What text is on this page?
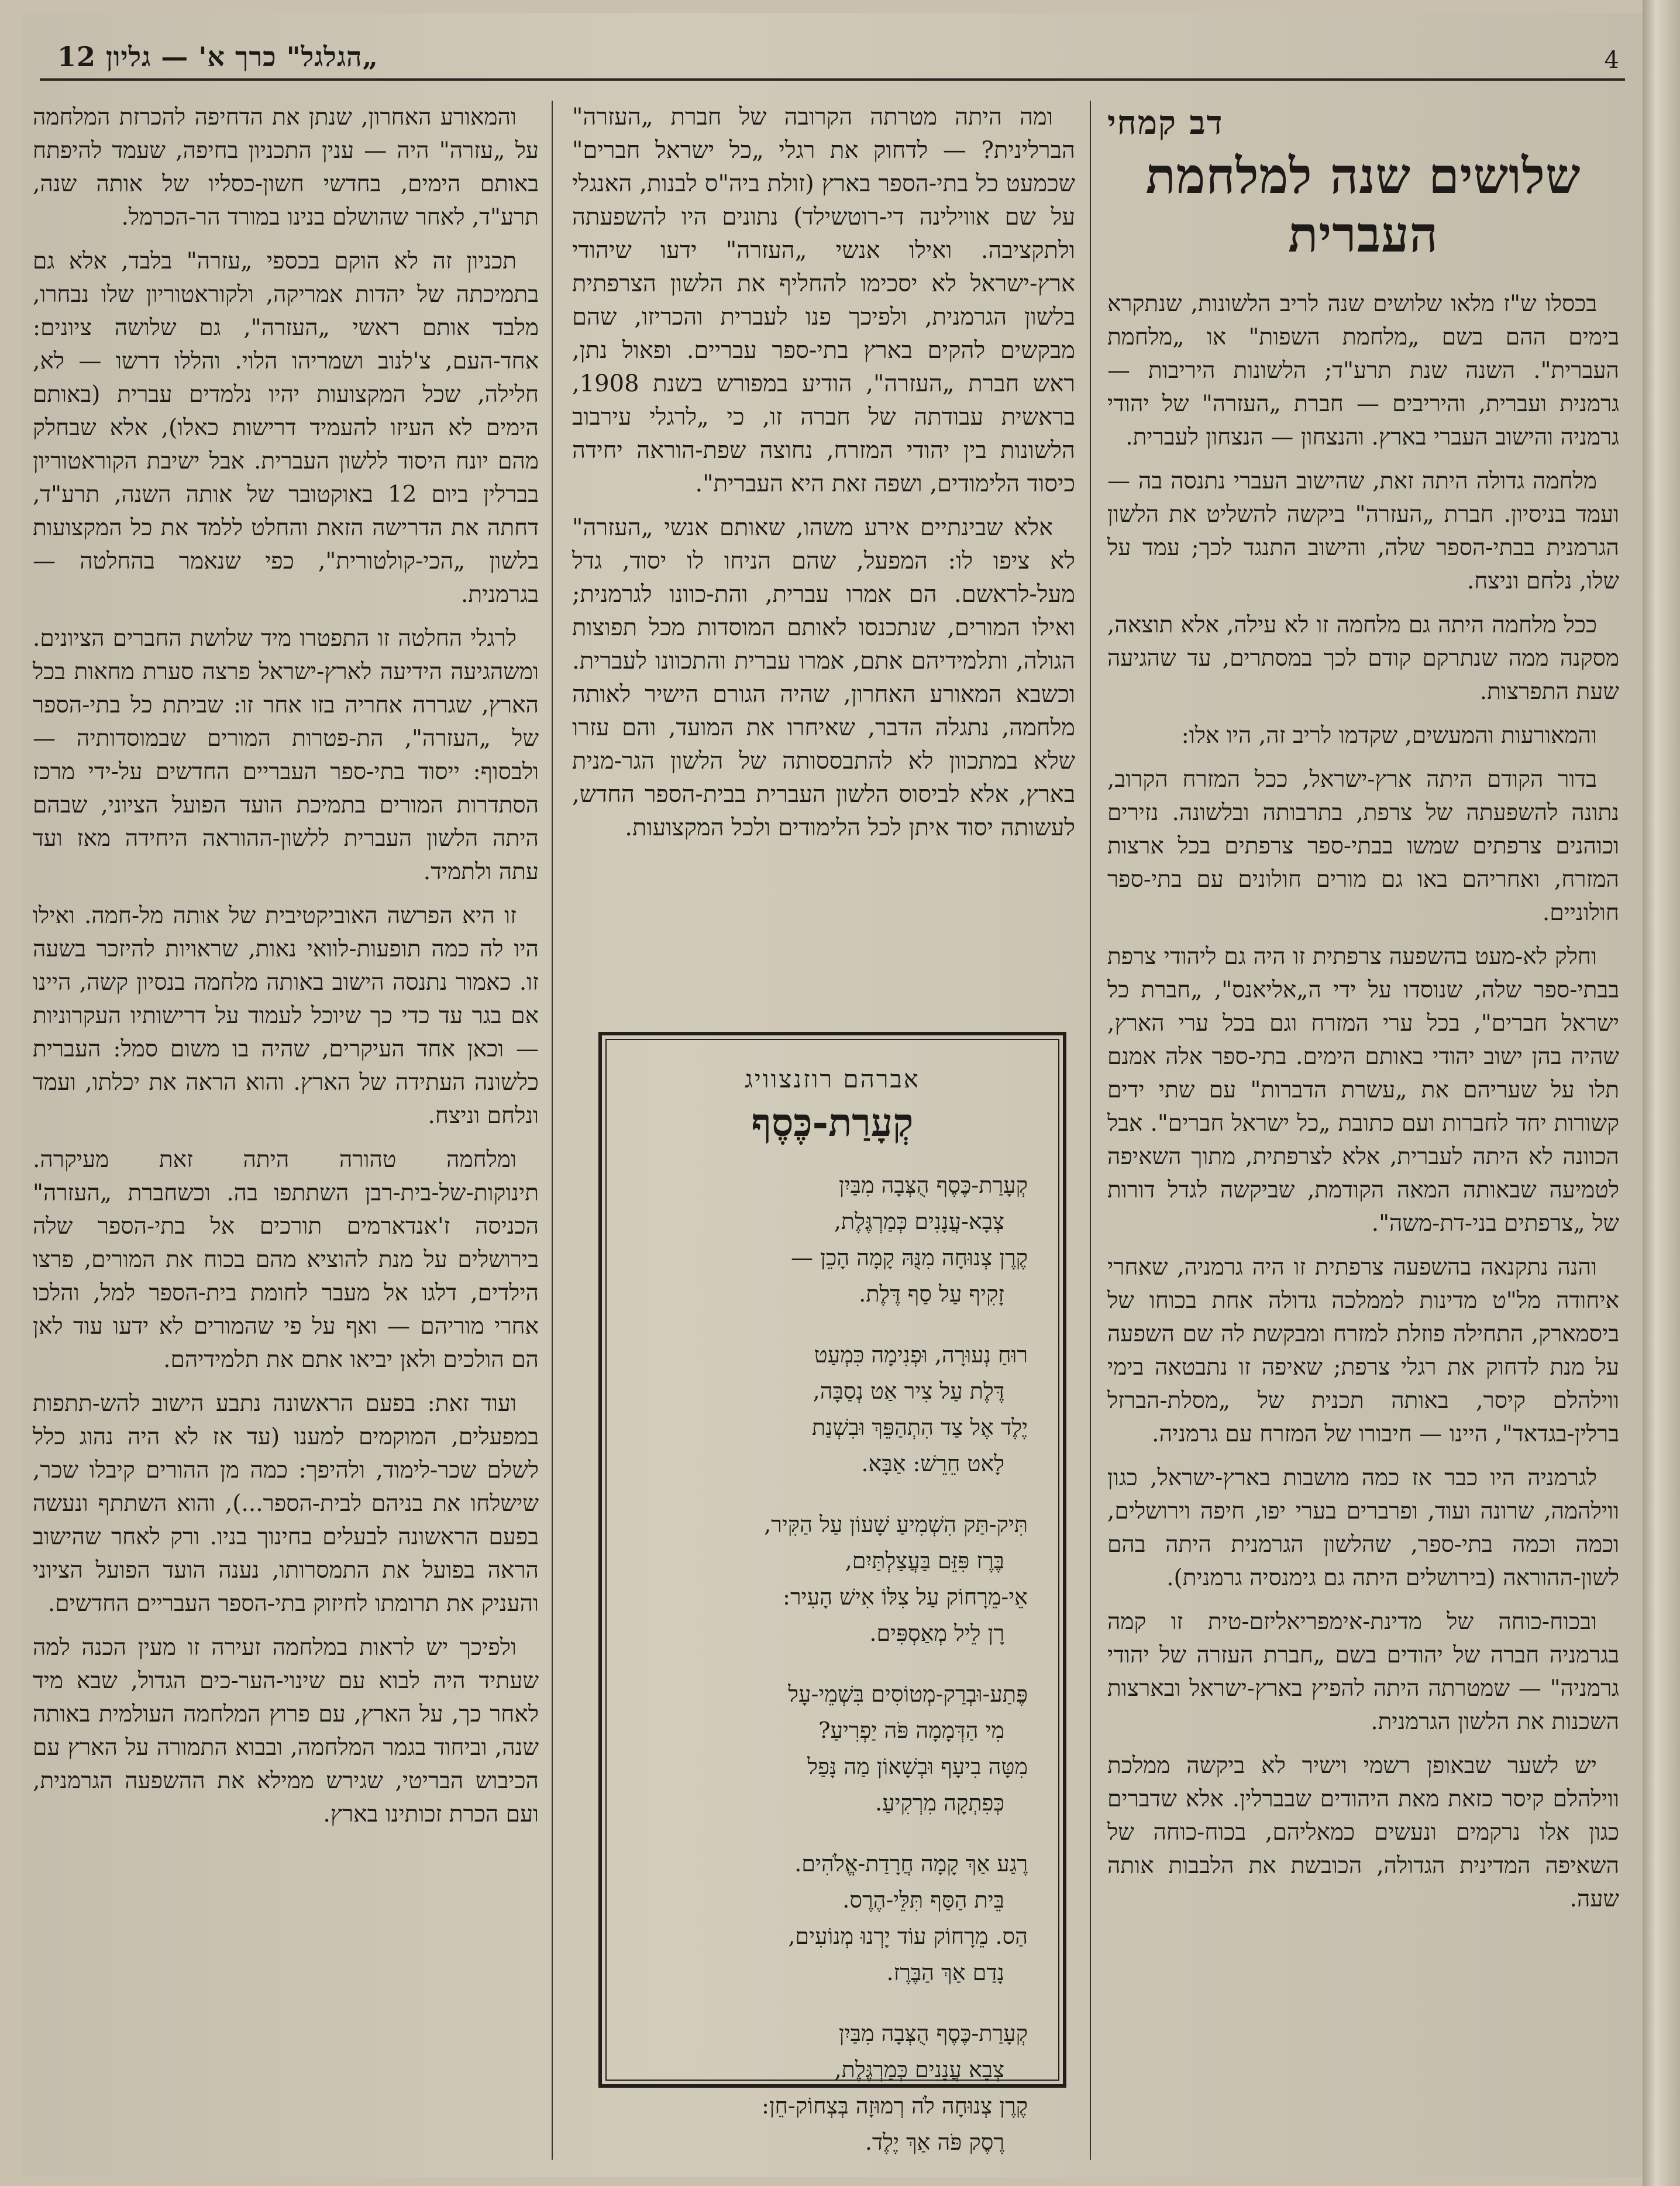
4
„הגלגל" כרך א' — גליון 12
דב קמחי
שלושים שנה למלחמת העברית

בכסלו ש"ז מלאו שלושים שנה לריב הלשונות, שנתקרא בימים ההם בשם „מלחמת השפות" או „מלחמת העברית". השנה שנת תרע"ד; הלשונות היריבות — גרמנית ועברית, והיריבים — חברת „העזרה" של יהודי גרמניה והישוב העברי בארץ. והנצחון — הנצחון לעברית.

מלחמה גדולה היתה זאת, שהישוב העברי נתנסה בה — ועמד בניסיון. חברת „העזרה" ביקשה להשליט את הלשון הגרמנית בבתי-הספר שלה, והישוב התנגד לכך; עמד על שלו, נלחם וניצח.

ככל מלחמה היתה גם מלחמה זו לא עילה, אלא תוצאה, מסקנה ממה שנתרקם קודם לכך במסתרים, עד שהגיעה שעת התפרצות.

והמאורעות והמעשים, שקדמו לריב זה, היו אלו:

בדור הקודם היתה ארץ-ישראל, ככל המזרח הקרוב, נתונה להשפעתה של צרפת, בתרבותה ובלשונה. נזירים וכוהנים צרפתים שמשו בבתי-ספר צרפתים בכל ארצות המזרח, ואחריהם באו גם מורים חולונים עם בתי-ספר חולוניים.

וחלק לא-מעט בהשפעה צרפתית זו היה גם ליהודי צרפת בבתי-ספר שלה, שנוסדו על ידי ה„אליאנס", „חברת כל ישראל חברים", בכל ערי המזרח וגם בכל ערי הארץ, שהיה בהן ישוב יהודי באותם הימים. בתי-ספר אלה אמנם תלו על שעריהם את „עשרת הדברות" עם שתי ידים קשורות יחד לחברות ועם כתובת „כל ישראל חברים". אבל הכוונה לא היתה לעברית, אלא לצרפתית, מתוך השאיפה לטמיעה שבאותה המאה הקודמת, שביקשה לגדל דורות של „צרפתים בני-דת-משה".

והנה נתקנאה בהשפעה צרפתית זו היה גרמניה, שאחרי איחודה מל"ט מדינות לממלכה גדולה אחת בכוחו של ביסמארק, התחילה פוזלת למזרח ומבקשת לה שם השפעה על מנת לדחוק את רגלי צרפת; שאיפה זו נתבטאה בימי ווילהלם קיסר, באותה תכנית של „מסלת-הברזל ברלין-בגדאד", היינו — חיבורו של המזרח עם גרמניה.

לגרמניה היו כבר אז כמה מושבות בארץ-ישראל, כגון ווילהמה, שרונה ועוד, ופרברים בערי יפו, חיפה וירושלים, וכמה וכמה בתי-ספר, שהלשון הגרמנית היתה בהם לשון-ההוראה (בירושלים היתה גם גימנסיה גרמנית).

ובכוח-כוחה של מדינת-אימפריאליזם-טית זו קמה בגרמניה חברה של יהודים בשם „חברת העזרה של יהודי גרמניה" — שמטרתה היתה להפיץ בארץ-ישראל ובארצות השכנות את הלשון הגרמנית.

יש לשער שבאופן רשמי וישיר לא ביקשה ממלכת ווילהלם קיסר כזאת מאת היהודים שבברלין. אלא שדברים כגון אלו נרקמים ונעשים כמאליהם, בכוח-כוחה של השאיפה המדינית הגדולה, הכובשת את הלבבות אותה שעה.

ומה היתה מטרתה הקרובה של חברת „העזרה" הברלינית? — לדחוק את רגלי „כל ישראל חברים" שכמעט כל בתי-הספר בארץ (זולת ביה"ס לבנות, האנגלי על שם אווילינה די-רוטשילד) נתונים היו להשפעתה ולתקציבה. ואילו אנשי „העזרה" ידעו שיהודי ארץ-ישראל לא יסכימו להחליף את הלשון הצרפתית בלשון הגרמנית, ולפיכך פנו לעברית והכריזו, שהם מבקשים להקים בארץ בתי-ספר עבריים. ופאול נתן, ראש חברת „העזרה", הודיע במפורש בשנת 1908, בראשית עבודתה של חברה זו, כי „לרגלי עירבוב הלשונות בין יהודי המזרח, נחוצה שפת-הוראה יחידה כיסוד הלימודים, ושפה זאת היא העברית".

אלא שבינתיים אירע משהו, שאותם אנשי „העזרה" לא ציפו לו: המפעל, שהם הניחו לו יסוד, גדל מעל-לראשם. הם אמרו עברית, והת-כוונו לגרמנית; ואילו המורים, שנתכנסו לאותם המוסדות מכל תפוצות הגולה, ותלמידיהם אתם, אמרו עברית והתכוונו לעברית. וכשבא המאורע האחרון, שהיה הגורם הישיר לאותה מלחמה, נתגלה הדבר, שאיחרו את המועד, והם עזרו שלא במתכוון לא להתבססותה של הלשון הגר-מנית בארץ, אלא לביסוס הלשון העברית בבית-הספר החדש, לעשותה יסוד איתן לכל הלימודים ולכל המקצועות.

והמאורע האחרון, שנתן את הדחיפה להכרזת המלחמה על „עזרה" היה — ענין התכניון בחיפה, שעמד להיפתח באותם הימים, בחדשי חשון-כסליו של אותה שנה, תרע"ד, לאחר שהושלם בנינו במורד הר-הכרמל.

תכניון זה לא הוקם בכספי „עזרה" בלבד, אלא גם בתמיכתה של יהדות אמריקה, ולקוראטוריון שלו נבחרו, מלבד אותם ראשי „העזרה", גם שלושה ציונים: אחד-העם, צ'לנוב ושמריהו הלוי. והללו דרשו — לא, חלילה, שכל המקצועות יהיו נלמדים עברית (באותם הימים לא העיזו להעמיד דרישות כאלו), אלא שבחלק מהם יונח היסוד ללשון העברית. אבל ישיבת הקוראטוריון בברלין ביום 12 באוקטובר של אותה השנה, תרע"ד, דחתה את הדרישה הזאת והחלט ללמד את כל המקצועות בלשון „הכי-קולטורית", כפי שנאמר בהחלטה — בגרמנית.

לרגלי החלטה זו התפטרו מיד שלושת החברים הציונים. ומשהגיעה הידיעה לארץ-ישראל פרצה סערת מחאות בכל הארץ, שגררה אחריה בזו אחר זו: שביתת כל בתי-הספר של „העזרה", הת-פטרות המורים שבמוסדותיה — ולבסוף: ייסוד בתי-ספר העבריים החדשים על-ידי מרכז הסתדרות המורים בתמיכת הועד הפועל הציוני, שבהם היתה הלשון העברית ללשון-ההוראה היחידה מאז ועד עתה ולתמיד.

זו היא הפרשה האוביקטיבית של אותה מל-חמה. ואילו היו לה כמה תופעות-לוואי נאות, שראויות להיזכר בשעה זו. כאמור נתנסה הישוב באותה מלחמה בנסיון קשה, היינו אם בגר עד כדי כך שיוכל לעמוד על דרישותיו העקרוניות — וכאן אחד העיקרים, שהיה בו משום סמל: העברית כלשונה העתידה של הארץ. והוא הראה את יכלתו, ועמד ונלחם וניצח.

ומלחמה טהורה היתה זאת מעיקרה. תינוקות-של-בית-רבן השתתפו בה. וכשחברת „העזרה" הכניסה ז'אנדארמים תורכים אל בתי-הספר שלה בירושלים על מנת להוציא מהם בכוח את המורים, פרצו הילדים, דלגו אל מעבר לחומת בית-הספר למל, והלכו אחרי מוריהם — ואף על פי שהמורים לא ידעו עוד לאן הם הולכים ולאן יביאו אתם את תלמידיהם.

ועוד זאת: בפעם הראשונה נתבע הישוב להש-תתפות במפעלים, המוקמים למענו (עד אז לא היה נהוג כלל לשלם שכר-לימוד, ולהיפך: כמה מן ההורים קיבלו שכר, שישלחו את בניהם לבית-הספר...), והוא השתתף ונעשה בפעם הראשונה לבעלים בחינוך בניו. ורק לאחר שהישוב הראה בפועל את התמסרותו, נענה הועד הפועל הציוני והעניק את תרומתו לחיזוק בתי-הספר העבריים החדשים.

ולפיכך יש לראות במלחמה זעירה זו מעין הכנה למה שעתיד היה לבוא עם שינוי-הער-כים הגדול, שבא מיד לאחר כך, על הארץ, עם פרוץ המלחמה העולמית באותה שנה, וביחוד בגמר המלחמה, ובבוא התמורה על הארץ עם הכיבוש הבריטי, שגירש ממילא את ההשפעה הגרמנית, ועם הכרת זכותינו בארץ.

אברהם רוזנצוויג
קְעָרַת-כֶּסֶף
קְעָרַת-כֶּסֶף הֻצְּבָה מִבַּיִן
צְבָא-עֲנָנִים כְּמַרְגֶּלֶת,
קֶרֶן צְנוּחָה מִנֻּהּ קָמָה הָכֵן —
זָקִיף עַל סַף דֶּלֶת.
רוּחַ נְעוּרָה, וּפְנִימָה כִּמְעַט
דֶּלֶת עַל צִיר אַט נְסַבָּה,
יֶלֶד אֶל צַד הִתְהַפֵּךְ וּבִשְׁנַת
לָאט חֵרֵשׁ: אַבָּא.
תִּיק-תַּק הִשְׁמִיעַ שָׁעוֹן עַל הַקִּיר,
בֶּרֶז פִּזֵּם בַּעֲצַלְתַּיִם,
אֵי-מֵרָחוֹק עַל צִלּוֹ אִישׁ הָעִיר:
רָן לֵיל מְאַסְפִּים.
פֶּתַע-וּבְרַק-מְטוֹסִים בִּשְׁמֵי-עָל
מִי הַדְּמָמָה פֹּה יַפְרִיעַ?
מִטָּה בִיעָף וּבְשָׁאוֹן מַה נָּפַל
כְּפִתְקָה מִרְקִיעַ.
רֶגַע אַךְ קָמָה חֲרָדַת-אֱלֹהִים.
בֵּית הַסַּף תִּלֵּי-הֶרֶס.
הַס. מֵרָחוֹק עוֹד יָרְנוּ מְנוֹעִים,
נָדַם אַךְ הַבֶּרֶז.
קְעָרַת-כֶּסֶף הֻצְּבָה מִבַּיִן
צְבָא עֲנָנִים כְּמַרְגֶּלֶת,
קֶרֶן צְנוּחָה לֹה רְמוּזָה בְּצְחוֹק-חֵן:
רֶסֶק פֹּה אַךְ יֶלֶד.
